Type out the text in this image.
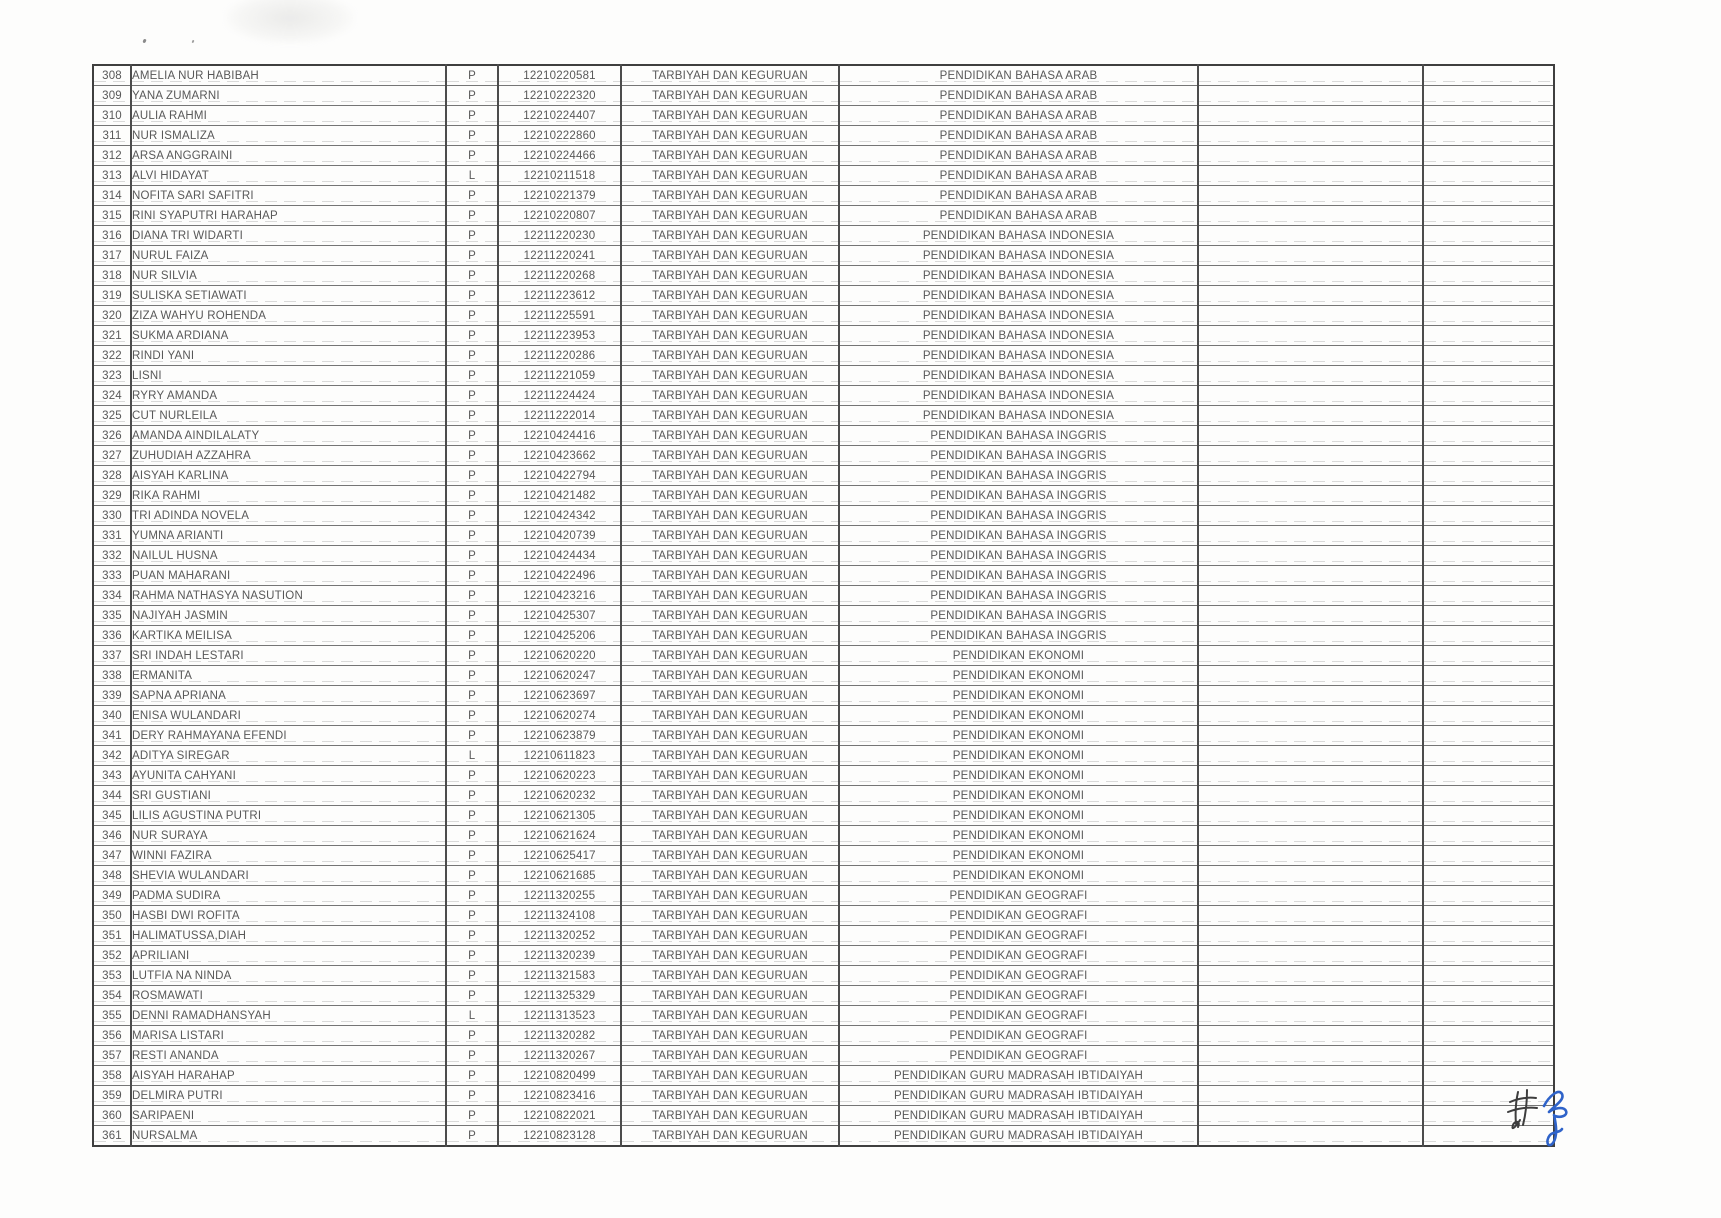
308	AMELIA NUR HABIBAH	P	12210220581	TARBIYAH DAN KEGURUAN	PENDIDIKAN BAHASA ARAB		
309	YANA ZUMARNI	P	12210222320	TARBIYAH DAN KEGURUAN	PENDIDIKAN BAHASA ARAB		
310	AULIA RAHMI	P	12210224407	TARBIYAH DAN KEGURUAN	PENDIDIKAN BAHASA ARAB		
311	NUR ISMALIZA	P	12210222860	TARBIYAH DAN KEGURUAN	PENDIDIKAN BAHASA ARAB		
312	ARSA ANGGRAINI	P	12210224466	TARBIYAH DAN KEGURUAN	PENDIDIKAN BAHASA ARAB		
313	ALVI HIDAYAT	L	12210211518	TARBIYAH DAN KEGURUAN	PENDIDIKAN BAHASA ARAB		
314	NOFITA SARI SAFITRI	P	12210221379	TARBIYAH DAN KEGURUAN	PENDIDIKAN BAHASA ARAB		
315	RINI SYAPUTRI HARAHAP	P	12210220807	TARBIYAH DAN KEGURUAN	PENDIDIKAN BAHASA ARAB		
316	DIANA TRI WIDARTI	P	12211220230	TARBIYAH DAN KEGURUAN	PENDIDIKAN BAHASA INDONESIA		
317	NURUL FAIZA	P	12211220241	TARBIYAH DAN KEGURUAN	PENDIDIKAN BAHASA INDONESIA		
318	NUR SILVIA	P	12211220268	TARBIYAH DAN KEGURUAN	PENDIDIKAN BAHASA INDONESIA		
319	SULISKA SETIAWATI	P	12211223612	TARBIYAH DAN KEGURUAN	PENDIDIKAN BAHASA INDONESIA		
320	ZIZA WAHYU ROHENDA	P	12211225591	TARBIYAH DAN KEGURUAN	PENDIDIKAN BAHASA INDONESIA		
321	SUKMA ARDIANA	P	12211223953	TARBIYAH DAN KEGURUAN	PENDIDIKAN BAHASA INDONESIA		
322	RINDI YANI	P	12211220286	TARBIYAH DAN KEGURUAN	PENDIDIKAN BAHASA INDONESIA		
323	LISNI	P	12211221059	TARBIYAH DAN KEGURUAN	PENDIDIKAN BAHASA INDONESIA		
324	RYRY AMANDA	P	12211224424	TARBIYAH DAN KEGURUAN	PENDIDIKAN BAHASA INDONESIA		
325	CUT NURLEILA	P	12211222014	TARBIYAH DAN KEGURUAN	PENDIDIKAN BAHASA INDONESIA		
326	AMANDA AINDILALATY	P	12210424416	TARBIYAH DAN KEGURUAN	PENDIDIKAN BAHASA INGGRIS		
327	ZUHUDIAH AZZAHRA	P	12210423662	TARBIYAH DAN KEGURUAN	PENDIDIKAN BAHASA INGGRIS		
328	AISYAH KARLINA	P	12210422794	TARBIYAH DAN KEGURUAN	PENDIDIKAN BAHASA INGGRIS		
329	RIKA RAHMI	P	12210421482	TARBIYAH DAN KEGURUAN	PENDIDIKAN BAHASA INGGRIS		
330	TRI ADINDA NOVELA	P	12210424342	TARBIYAH DAN KEGURUAN	PENDIDIKAN BAHASA INGGRIS		
331	YUMNA ARIANTI	P	12210420739	TARBIYAH DAN KEGURUAN	PENDIDIKAN BAHASA INGGRIS		
332	NAILUL HUSNA	P	12210424434	TARBIYAH DAN KEGURUAN	PENDIDIKAN BAHASA INGGRIS		
333	PUAN MAHARANI	P	12210422496	TARBIYAH DAN KEGURUAN	PENDIDIKAN BAHASA INGGRIS		
334	RAHMA NATHASYA NASUTION	P	12210423216	TARBIYAH DAN KEGURUAN	PENDIDIKAN BAHASA INGGRIS		
335	NAJIYAH JASMIN	P	12210425307	TARBIYAH DAN KEGURUAN	PENDIDIKAN BAHASA INGGRIS		
336	KARTIKA MEILISA	P	12210425206	TARBIYAH DAN KEGURUAN	PENDIDIKAN BAHASA INGGRIS		
337	SRI INDAH LESTARI	P	12210620220	TARBIYAH DAN KEGURUAN	PENDIDIKAN EKONOMI		
338	ERMANITA	P	12210620247	TARBIYAH DAN KEGURUAN	PENDIDIKAN EKONOMI		
339	SAPNA APRIANA	P	12210623697	TARBIYAH DAN KEGURUAN	PENDIDIKAN EKONOMI		
340	ENISA WULANDARI	P	12210620274	TARBIYAH DAN KEGURUAN	PENDIDIKAN EKONOMI		
341	DERY RAHMAYANA EFENDI	P	12210623879	TARBIYAH DAN KEGURUAN	PENDIDIKAN EKONOMI		
342	ADITYA SIREGAR	L	12210611823	TARBIYAH DAN KEGURUAN	PENDIDIKAN EKONOMI		
343	AYUNITA CAHYANI	P	12210620223	TARBIYAH DAN KEGURUAN	PENDIDIKAN EKONOMI		
344	SRI GUSTIANI	P	12210620232	TARBIYAH DAN KEGURUAN	PENDIDIKAN EKONOMI		
345	LILIS AGUSTINA PUTRI	P	12210621305	TARBIYAH DAN KEGURUAN	PENDIDIKAN EKONOMI		
346	NUR SURAYA	P	12210621624	TARBIYAH DAN KEGURUAN	PENDIDIKAN EKONOMI		
347	WINNI FAZIRA	P	12210625417	TARBIYAH DAN KEGURUAN	PENDIDIKAN EKONOMI		
348	SHEVIA WULANDARI	P	12210621685	TARBIYAH DAN KEGURUAN	PENDIDIKAN EKONOMI		
349	PADMA SUDIRA	P	12211320255	TARBIYAH DAN KEGURUAN	PENDIDIKAN GEOGRAFI		
350	HASBI DWI ROFITA	P	12211324108	TARBIYAH DAN KEGURUAN	PENDIDIKAN GEOGRAFI		
351	HALIMATUSSA,DIAH	P	12211320252	TARBIYAH DAN KEGURUAN	PENDIDIKAN GEOGRAFI		
352	APRILIANI	P	12211320239	TARBIYAH DAN KEGURUAN	PENDIDIKAN GEOGRAFI		
353	LUTFIA NA NINDA	P	12211321583	TARBIYAH DAN KEGURUAN	PENDIDIKAN GEOGRAFI		
354	ROSMAWATI	P	12211325329	TARBIYAH DAN KEGURUAN	PENDIDIKAN GEOGRAFI		
355	DENNI RAMADHANSYAH	L	12211313523	TARBIYAH DAN KEGURUAN	PENDIDIKAN GEOGRAFI		
356	MARISA LISTARI	P	12211320282	TARBIYAH DAN KEGURUAN	PENDIDIKAN GEOGRAFI		
357	RESTI ANANDA	P	12211320267	TARBIYAH DAN KEGURUAN	PENDIDIKAN GEOGRAFI		
358	AISYAH HARAHAP	P	12210820499	TARBIYAH DAN KEGURUAN	PENDIDIKAN GURU MADRASAH IBTIDAIYAH		
359	DELMIRA PUTRI	P	12210823416	TARBIYAH DAN KEGURUAN	PENDIDIKAN GURU MADRASAH IBTIDAIYAH		
360	SARIPAENI	P	12210822021	TARBIYAH DAN KEGURUAN	PENDIDIKAN GURU MADRASAH IBTIDAIYAH		
361	NURSALMA	P	12210823128	TARBIYAH DAN KEGURUAN	PENDIDIKAN GURU MADRASAH IBTIDAIYAH		
